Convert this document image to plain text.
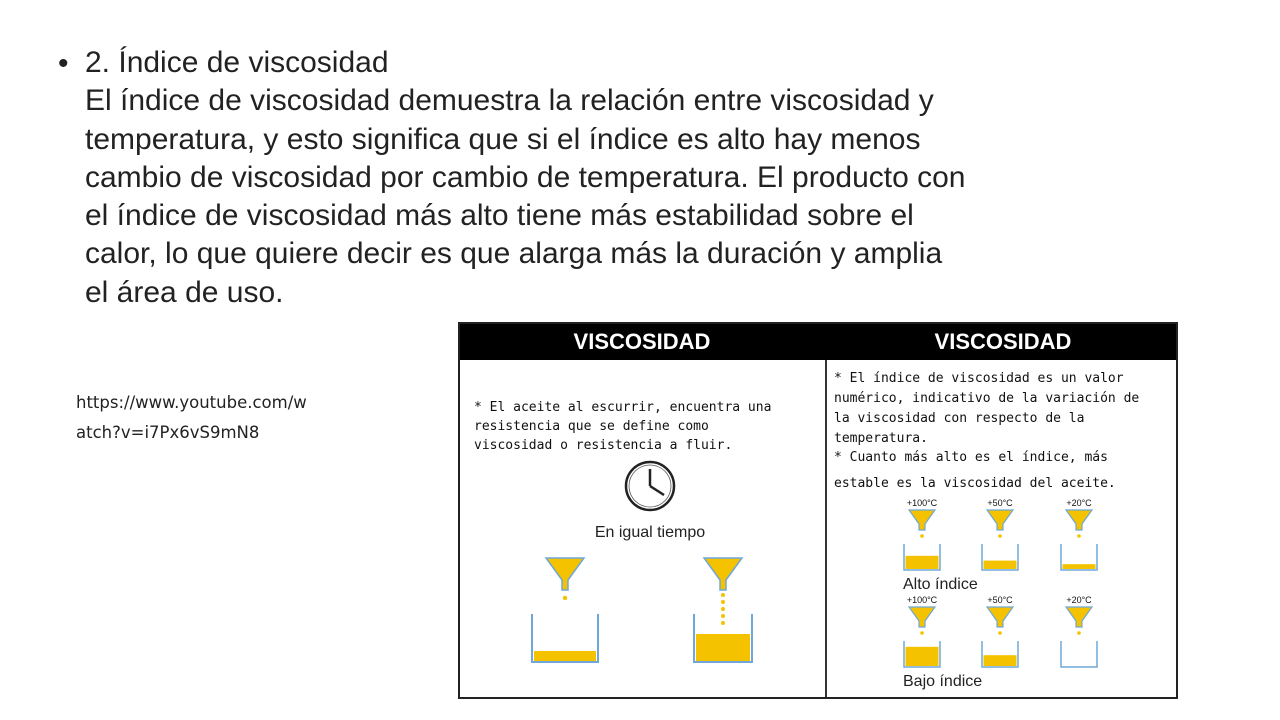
• 2. Índice de viscosidad
El índice de viscosidad demuestra la relación entre viscosidad y
temperatura, y esto significa que si el índice es alto hay menos
cambio de viscosidad por cambio de temperatura. El producto con
el índice de viscosidad más alto tiene más estabilidad sobre el
calor, lo que quiere decir es que alarga más la duración y amplia
el área de uso.
https://www.youtube.com/w
atch?v=i7Px6vS9mN8
VISCOSIDAD	VISCOSIDAD
* El aceite al escurrir, encuentra una
resistencia que se define como
viscosidad o resistencia a fluir.
En igual tiempo
* El índice de viscosidad es un valor
numérico, indicativo de la variación de
la viscosidad con respecto de la
temperatura.
* Cuanto más alto es el índice, más
estable es la viscosidad del aceite.
+100°C	+50°C	+20°C
Alto índice
+100°C	+50°C	+20°C
Bajo índice
